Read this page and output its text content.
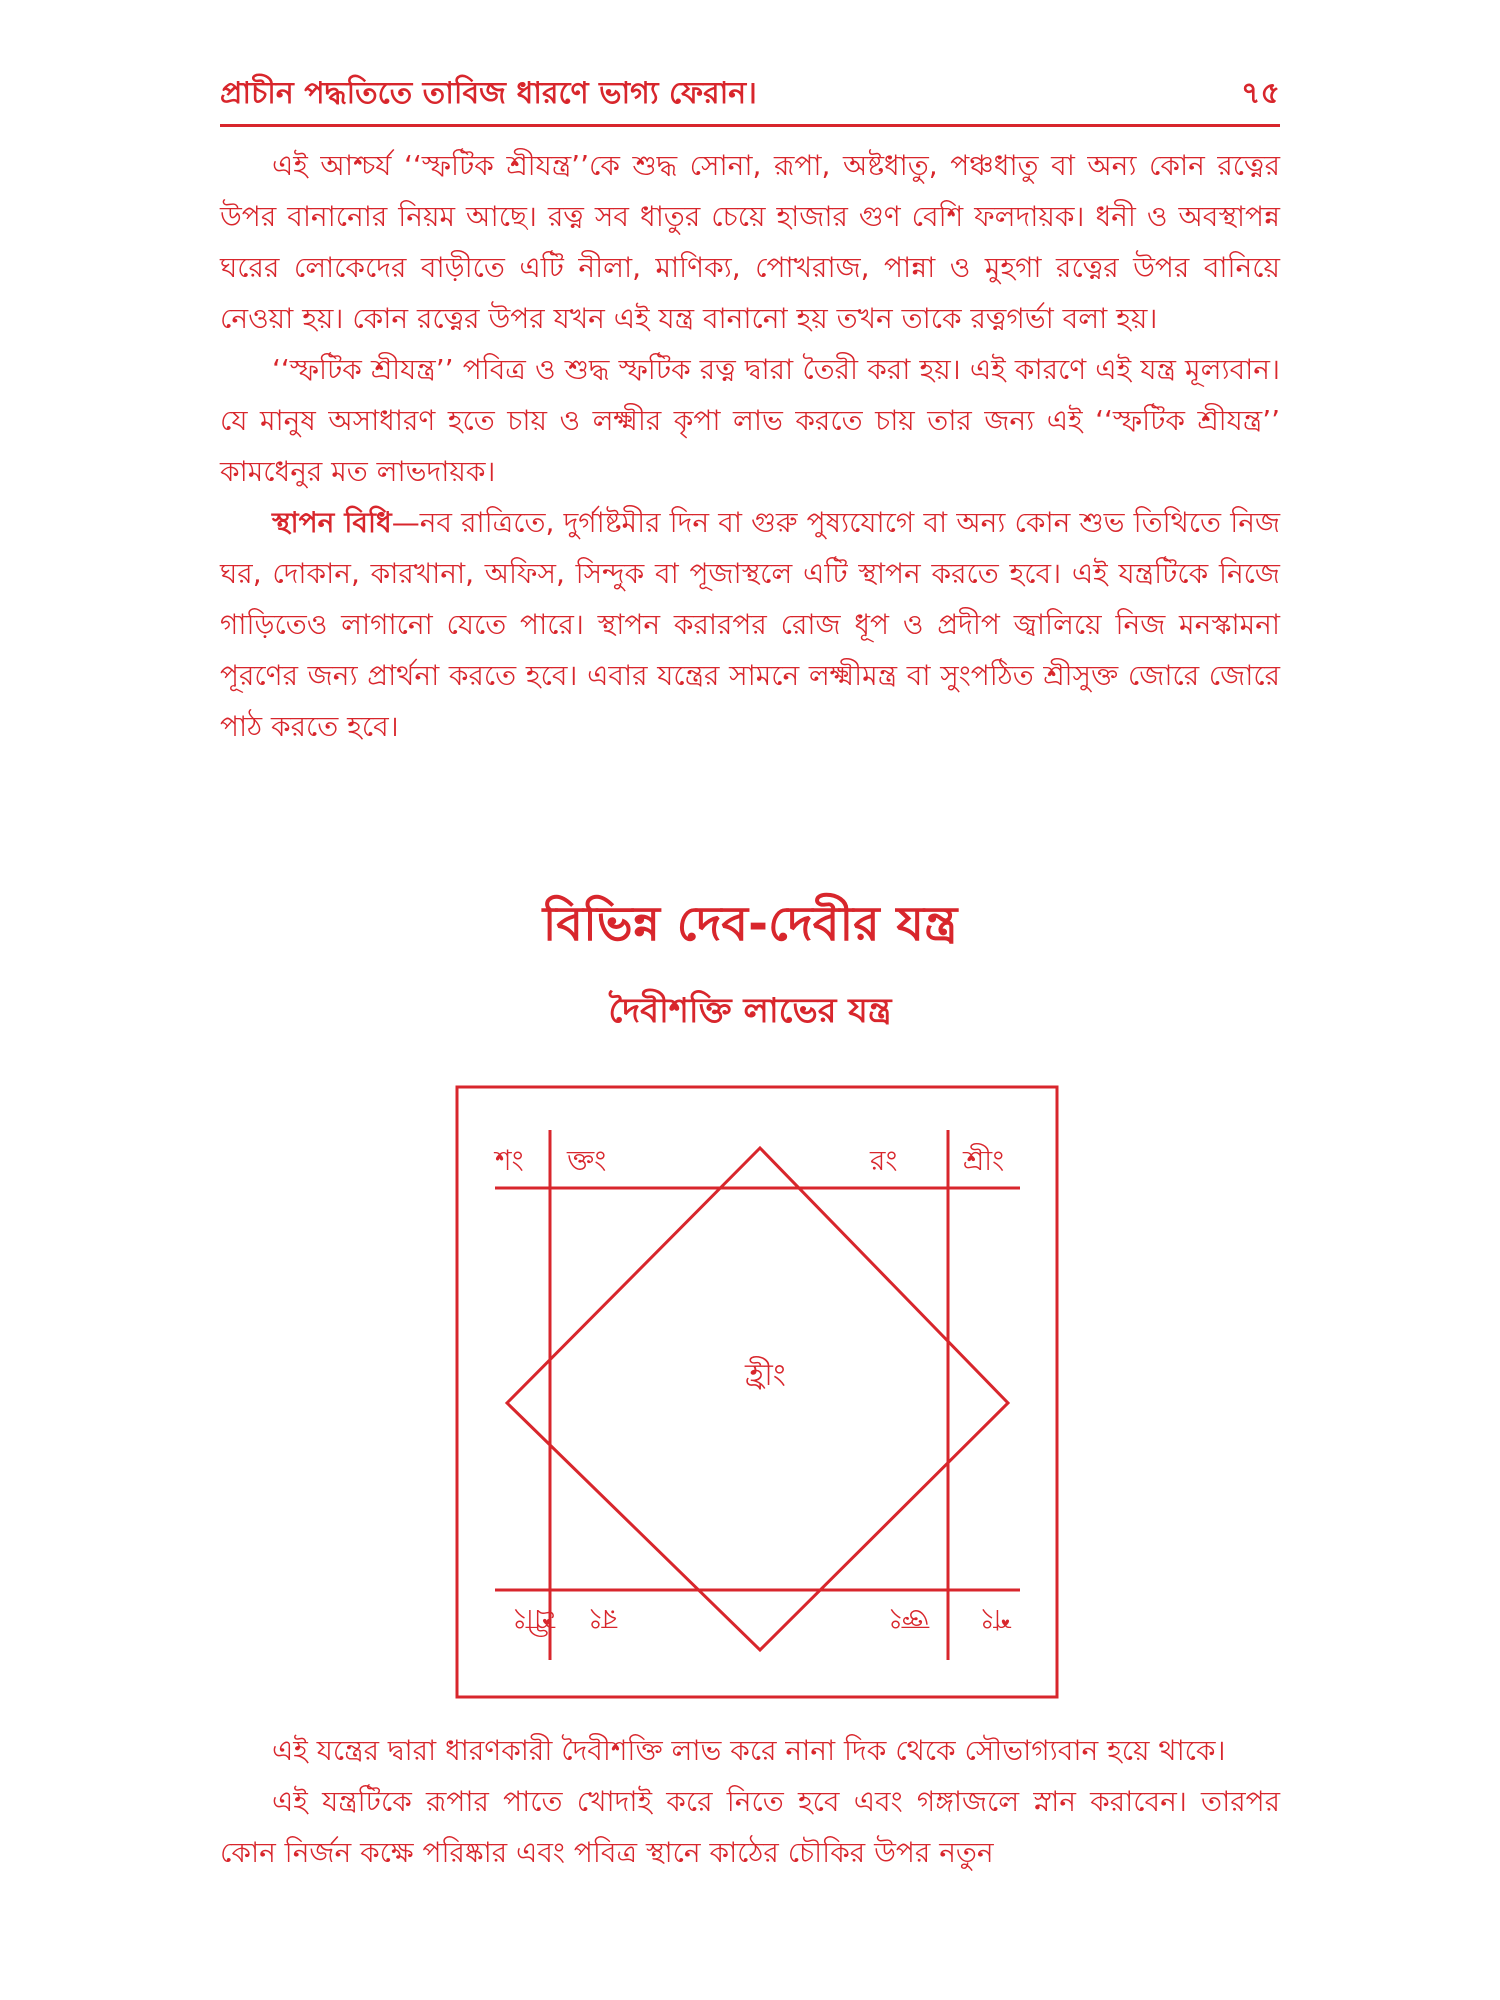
প্রাচীন পদ্ধতিতে তাবিজ ধারণে ভাগ্য ফেরান।	৭৫

এই আশ্চর্য ‘‘স্ফটিক শ্রীযন্ত্র’’কে শুদ্ধ সোনা, রূপা, অষ্টধাতু, পঞ্চধাতু বা অন্য কোন রত্নের উপর বানানোর নিয়ম আছে। রত্ন সব ধাতুর চেয়ে হাজার গুণ বেশি ফলদায়ক। ধনী ও অবস্থাপন্ন ঘরের লোকেদের বাড়ীতে এটি নীলা, মাণিক্য, পোখরাজ, পান্না ও মুহগা রত্নের উপর বানিয়ে নেওয়া হয়। কোন রত্নের উপর যখন এই যন্ত্র বানানো হয় তখন তাকে রত্নগর্ভা বলা হয়।

‘‘স্ফটিক শ্রীযন্ত্র’’ পবিত্র ও শুদ্ধ স্ফটিক রত্ন দ্বারা তৈরী করা হয়। এই কারণে এই যন্ত্র মূল্যবান। যে মানুষ অসাধারণ হতে চায় ও লক্ষ্মীর কৃপা লাভ করতে চায় তার জন্য এই ‘‘স্ফটিক শ্রীযন্ত্র’’ কামধেনুর মত লাভদায়ক।

স্থাপন বিধি—নব রাত্রিতে, দুর্গাষ্টমীর দিন বা গুরু পুষ্যযোগে বা অন্য কোন শুভ তিথিতে নিজ ঘর, দোকান, কারখানা, অফিস, সিন্দুক বা পূজাস্থলে এটি স্থাপন করতে হবে। এই যন্ত্রটিকে নিজে গাড়িতেও লাগানো যেতে পারে। স্থাপন করারপর রোজ ধূপ ও প্রদীপ জ্বালিয়ে নিজ মনস্কামনা পূরণের জন্য প্রার্থনা করতে হবে। এবার যন্ত্রের সামনে লক্ষ্মীমন্ত্র বা সুংপঠিত শ্রীসুক্ত জোরে জোরে পাঠ করতে হবে।

বিভিন্ন দেব-দেবীর যন্ত্র
দৈবীশক্তি লাভের যন্ত্র
শং ক্তং	রং শ্রীং
হ্রীং
শ্রীং রং	ক্তং শং

এই যন্ত্রের দ্বারা ধারণকারী দৈবীশক্তি লাভ করে নানা দিক থেকে সৌভাগ্যবান হয়ে থাকে।

এই যন্ত্রটিকে রূপার পাতে খোদাই করে নিতে হবে এবং গঙ্গাজলে স্নান করাবেন। তারপর কোন নির্জন কক্ষে পরিষ্কার এবং পবিত্র স্থানে কাঠের চৌকির উপর নতুন
